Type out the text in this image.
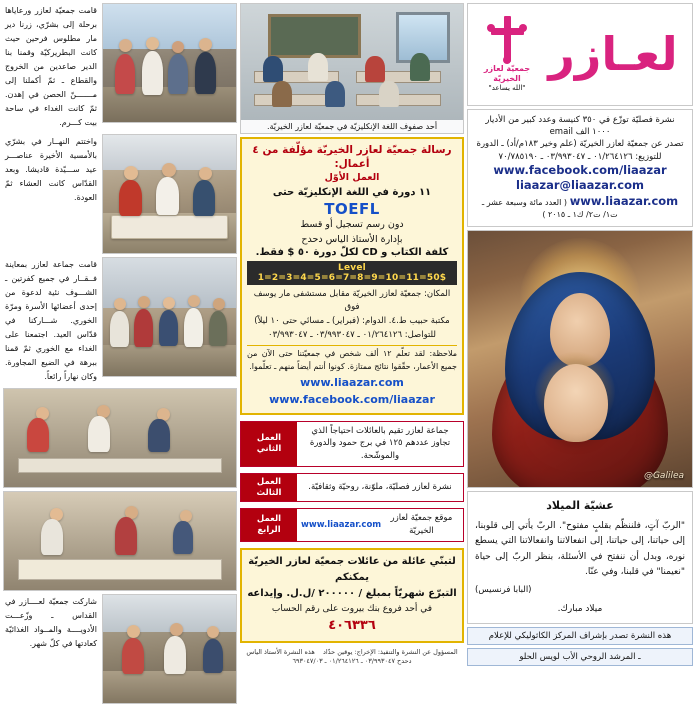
قامت جمعيّة لعازر ورعاياها برحلة إلى بشرّي، زرنا دير مار مطلوس فرحين حيث كانت البطريركيّة وقمنا بنا الدير صاعدين من الخروج والقطاع ـ ثمّ أكملنا إلى مـــــــنّ الحصن في إهدن. ثمّ كانت الغداء في ساحة بيت كـــرم.
واختتم النهــار في بشرّي بالأمسية الأخيرة عناصـــر عيد ســـيّدة قاديشا. وبعد القدّاس كانت العشاء ثمّ العودة.
قامت جماعة لعازر بمعاينة فــقــار في جميع كفرتين ـ الشـــوف نئية لدعوة من إحدى أعضائها الأسرة ومرّة الخوري. شـــاركنا في قدّاس العيد. اجتمعنا على الغداء مع الخوري ثمّ قمنا ببرهة في الضيع المجاورة. وكان نهاراً رائعاً.
شاركت جمعيّة لعــــازر في القداس ـ وزّعـــت الأدويــــة والمــواد الغذائيّة كعادتها في كلّ شهر.
أحد صفوف اللغة الإنكليزيّة في جمعيّة لعازر الخيريّة.
رسالة جمعيّة لعازر الخيريّة مؤلّفة من ٤ أعمال:
العمل الأوّل
١١ دورة في اللغة الإنكليزيّة حتى
TOEFL
دون رسم تسجيل أو قسط
بإدارة الأستاذ الياس دحدح
كلفة الكتاب و CD لكلّ دورة ٥٠ $ فقط.
Level 1=2=3=4=5=6=7=8=9=10=11=50$
المكان: جمعيّة لعازر الخيريّة مقابل مستشفى مار يوسف فوق
مكتبة حبيب ط.٤. الدوام: (فبراير) ـ مسائي حتى ١٠ ليلاً)
للتواصل: ٠١/٢٦٤١٢٦ ـ ٠٣/٩٩٣٠٤٧ ـ ٠٣/٩٩٣٠٤٧
ملاحظة: لقد تعلّم ١٢ ألف شخص في جمعيّتنا حتى الآن من جميع الأعمار، حقّقوا نتائج ممتازة. كونوا أنتم أيضاً منهم ـ تعلّموا.
www.liaazar.com
www.facebook.com/liaazar
العمل الثاني
جماعة لعازر تقيم بالعائلات احتياجاً الذي تجاوز عددهم ١٢٥ في برج حمود والدورة والموشّحة.
العمل الثالث
نشرة لعازر فصليّة، ملوّنة، روحيّة وثقافيّة.
العمل الرابع
موقع جمعيّة لعازر الخيريّة

www.liaazar.com
لتبنّي عائلة من عائلات جمعيّة لعازر الخيريّة يمكنكم
التبرّع شهريّاً بمبلغ / ٢٠٠٠٠٠ /ل.ل. وإيداعه
في أحد فروع بنك بيروت على رقم الحساب
٤٠٦٣٣٦
المسؤول عن النشرة والتنفيذ: الإخراج: يوقين حدّاد    هذه النشرة الأستاذ الياس دحدح ٠٣/٩٩٣٠٤٧ ـ ٠١/٢٦٤١٢٦ ـ ٦٩٣٠٤٧/٠٣
جمعيّة لعازر الخيريّة
"الله يساعد"
لعـازر
نشرة فصليّة توزّع في ٣٥٠ كنيسة وعدد كبير من الأديار
١٠٠٠ الف email
تصدر عن جمعيّة لعازر الخيريّة (علم وخير ١٨٣م/أد) ـ الدورة
للتوزيع: ٠١/٢٦٤١٢٦ ـ ٠٣/٩٩٣٠٤٧ ـ ٧٠/٧٨٥١٩٠
www.facebook.com/liaazar liaazar@liaazar.com www.liaazar.com ( العدد مائة وسبعة عشر ـ ت١/ ت٢/ ك١ ـ ٢٠١٥ )
@Galilea
عشيّة الميلاد
"الربّ آتٍ، فلننظّم بقلبٍ مفتوح". الربّ يأتي إلى قلوبنا، إلى حياتنا، إلى حياتنا، إلى انفعالاتنا وانفعالاتنا التي يسطع نوره، وبدل أن ننفتح في الأسئلة، بنظر الربّ إلى حياة "نعيمنا" في قلبنا، وفي عنّا.
(البابا فرنسيس)
ميلاد مبارك.
هذه النشرة تصدر بإشراف المركز الكاثوليكي للإعلام
ـ المرشد الروحي الأب لويس الحلو
